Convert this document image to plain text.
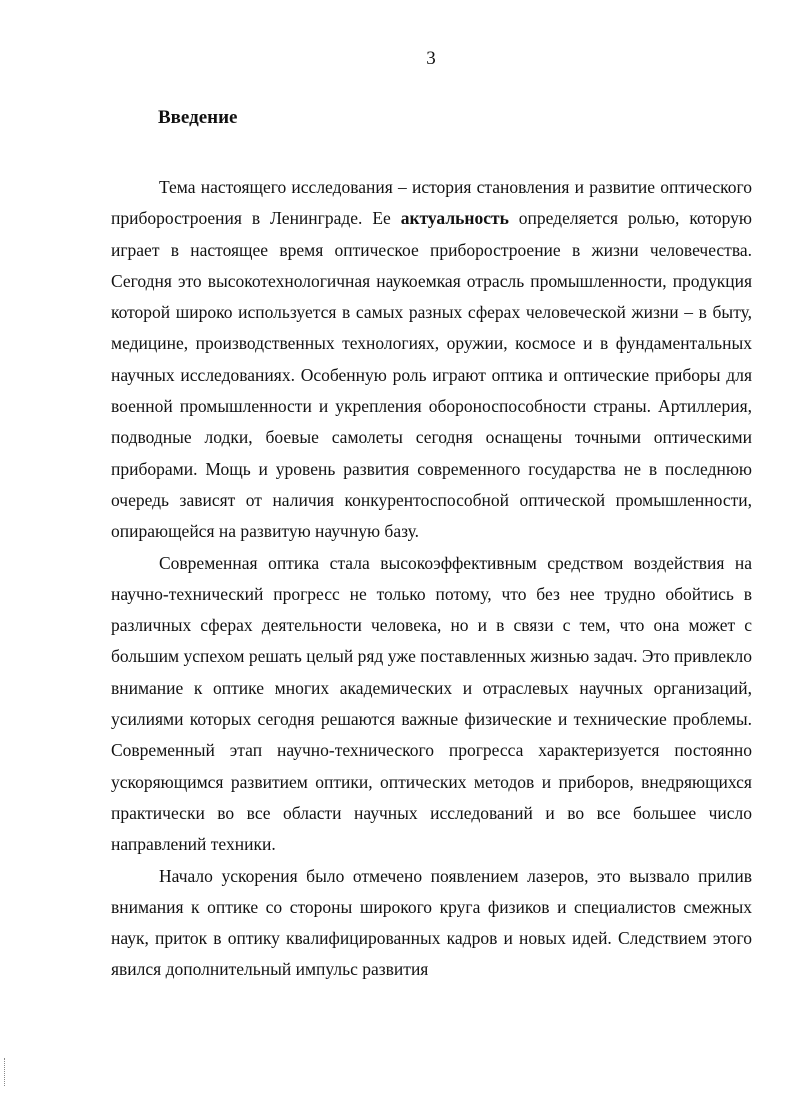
3
Введение

Тема настоящего исследования – история становления и развитие оптического приборостроения в Ленинграде. Ее актуальность определяется ролью, которую играет в настоящее время оптическое приборостроение в жизни человечества. Сегодня это высокотехнологичная наукоемкая отрасль промышленности, продукция которой широко используется в самых разных сферах человеческой жизни – в быту, медицине, производственных технологиях, оружии, космосе и в фундаментальных научных исследованиях. Особенную роль играют оптика и оптические приборы для военной промышленности и укрепления обороноспособности страны. Артиллерия, подводные лодки, боевые самолеты сегодня оснащены точными оптическими приборами. Мощь и уровень развития современного государства не в последнюю очередь зависят от наличия конкурентоспособной оптической промышленности, опирающейся на развитую научную базу.

Современная оптика стала высокоэффективным средством воздействия на научно-технический прогресс не только потому, что без нее трудно обойтись в различных сферах деятельности человека, но и в связи с тем, что она может с большим успехом решать целый ряд уже поставленных жизнью задач. Это привлекло внимание к оптике многих академических и отраслевых научных организаций, усилиями которых сегодня решаются важные физические и технические проблемы. Современный этап научно-технического прогресса характеризуется постоянно ускоряющимся развитием оптики, оптических методов и приборов, внедряющихся практически во все области научных исследований и во все большее число направлений техники.

Начало ускорения было отмечено появлением лазеров, это вызвало прилив внимания к оптике со стороны широкого круга физиков и специалистов смежных наук, приток в оптику квалифицированных кадров и новых идей. Следствием этого явился дополнительный импульс развития
